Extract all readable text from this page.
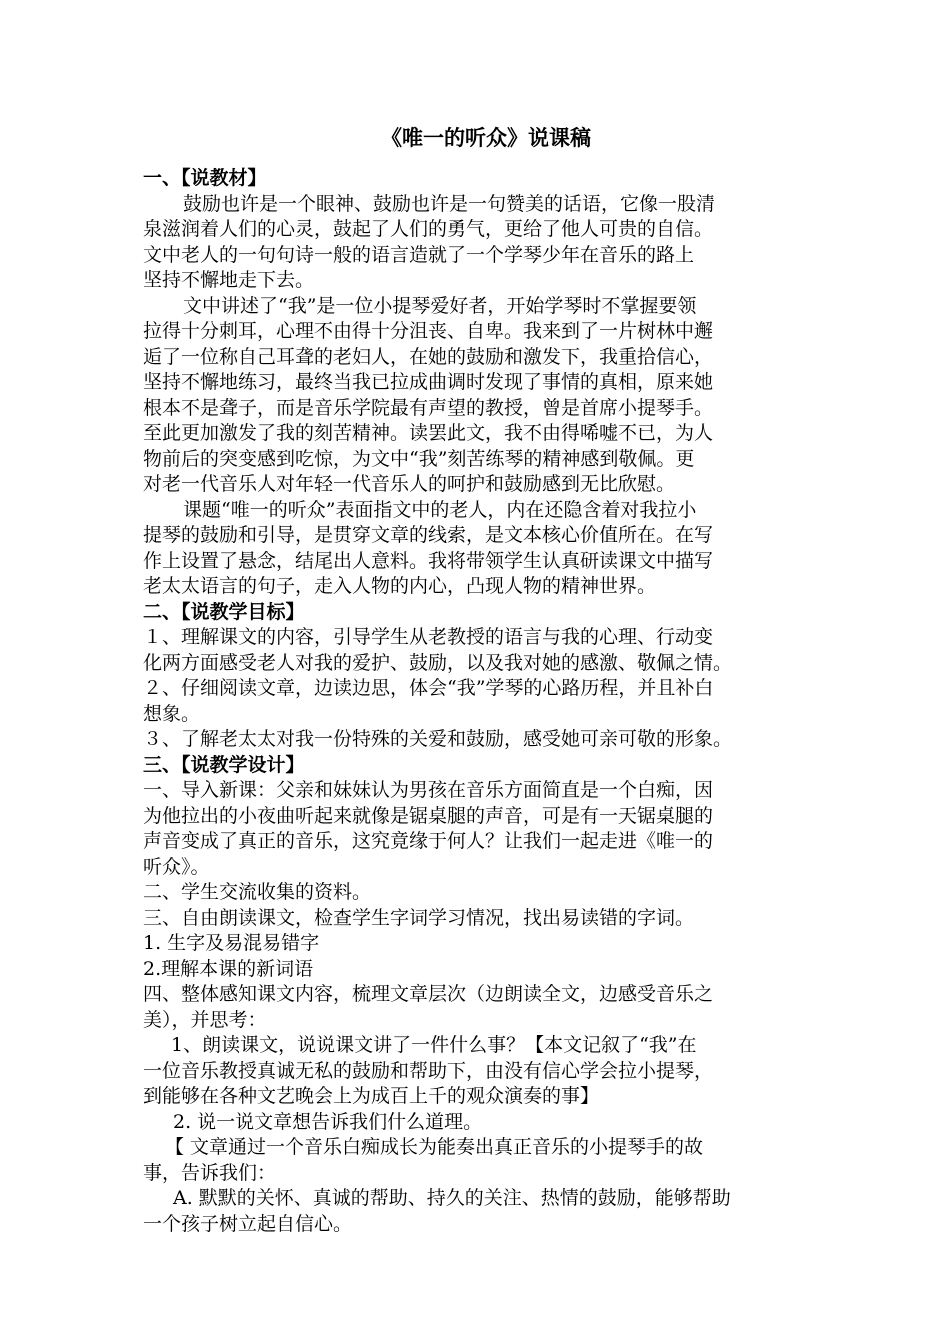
《唯一的听众》说课稿

一、【说教材】

鼓励也许是一个眼神、鼓励也许是一句赞美的话语，它像一股清

泉滋润着人们的心灵，鼓起了人们的勇气，更给了他人可贵的自信。

文中老人的一句句诗一般的语言造就了一个学琴少年在音乐的路上

坚持不懈地走下去。

文中讲述了“我”是一位小提琴爱好者，开始学琴时不掌握要领

拉得十分刺耳，心理不由得十分沮丧、自卑。我来到了一片树林中邂

逅了一位称自己耳聋的老妇人，在她的鼓励和激发下，我重拾信心，

坚持不懈地练习，最终当我已拉成曲调时发现了事情的真相，原来她

根本不是聋子，而是音乐学院最有声望的教授，曾是首席小提琴手。

至此更加激发了我的刻苦精神。读罢此文，我不由得唏嘘不已，为人

物前后的突变感到吃惊，为文中“我”刻苦练琴的精神感到敬佩。更

对老一代音乐人对年轻一代音乐人的呵护和鼓励感到无比欣慰。

课题“唯一的听众”表面指文中的老人，内在还隐含着对我拉小

提琴的鼓励和引导，是贯穿文章的线索，是文本核心价值所在。在写

作上设置了悬念，结尾出人意料。我将带领学生认真研读课文中描写

老太太语言的句子，走入人物的内心，凸现人物的精神世界。

二、【说教学目标】

１、理解课文的内容，引导学生从老教授的语言与我的心理、行动变

化两方面感受老人对我的爱护、鼓励，以及我对她的感激、敬佩之情。

２、仔细阅读文章，边读边思，体会“我”学琴的心路历程，并且补白

想象。

３、了解老太太对我一份特殊的关爱和鼓励，感受她可亲可敬的形象。

三、【说教学设计】

一、导入新课：父亲和妹妹认为男孩在音乐方面简直是一个白痴，因

为他拉出的小夜曲听起来就像是锯桌腿的声音，可是有一天锯桌腿的

声音变成了真正的音乐，这究竟缘于何人？让我们一起走进《唯一的

听众》。

二、学生交流收集的资料。

三、自由朗读课文，检查学生字词学习情况，找出易读错的字词。

1. 生字及易混易错字

2.理解本课的新词语

四、整体感知课文内容，梳理文章层次（边朗读全文，边感受音乐之

美），并思考：

1、朗读课文，说说课文讲了一件什么事？【本文记叙了“我”在

一位音乐教授真诚无私的鼓励和帮助下，由没有信心学会拉小提琴，

到能够在各种文艺晚会上为成百上千的观众演奏的事】

2. 说一说文章想告诉我们什么道理。

【 文章通过一个音乐白痴成长为能奏出真正音乐的小提琴手的故

事，告诉我们：

A. 默默的关怀、真诚的帮助、持久的关注、热情的鼓励，能够帮助

一个孩子树立起自信心。
